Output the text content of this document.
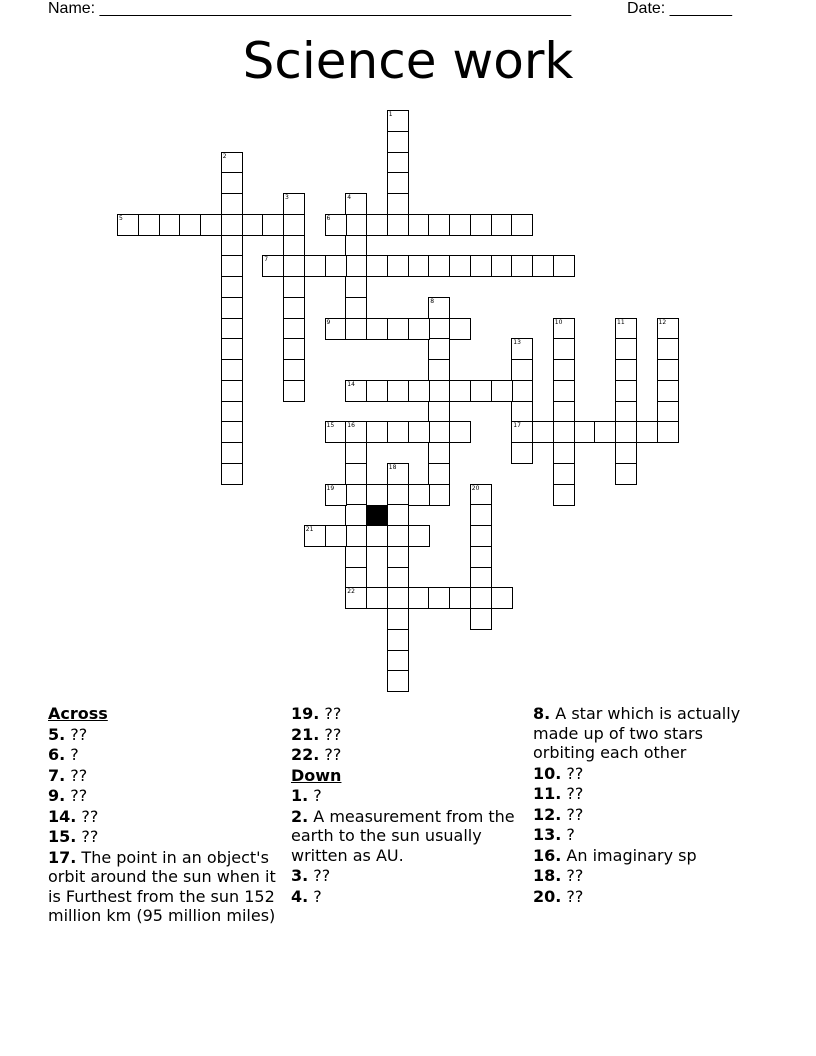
Name: _____________________________________________________	Date: _______
Science work
1
2
3	4
5	6
7
8
9	10	11	12
13
17
14
15 16
22
18
19	20
21
Across
5. ??
6. ?
7. ??
9. ??
14. ??
15. ??
17. The point in an object's orbit around the sun when it is Furthest from the sun 152 million km (95 million miles)
19. ??
21. ??
22. ??
Down
1. ?
2. A measurement from the earth to the sun usually written as AU.
3. ??
4. ?
8. A star which is actually made up of two stars orbiting each other
10. ??
11. ??
12. ??
13. ?
16. An imaginary sp
18. ??
20. ??
